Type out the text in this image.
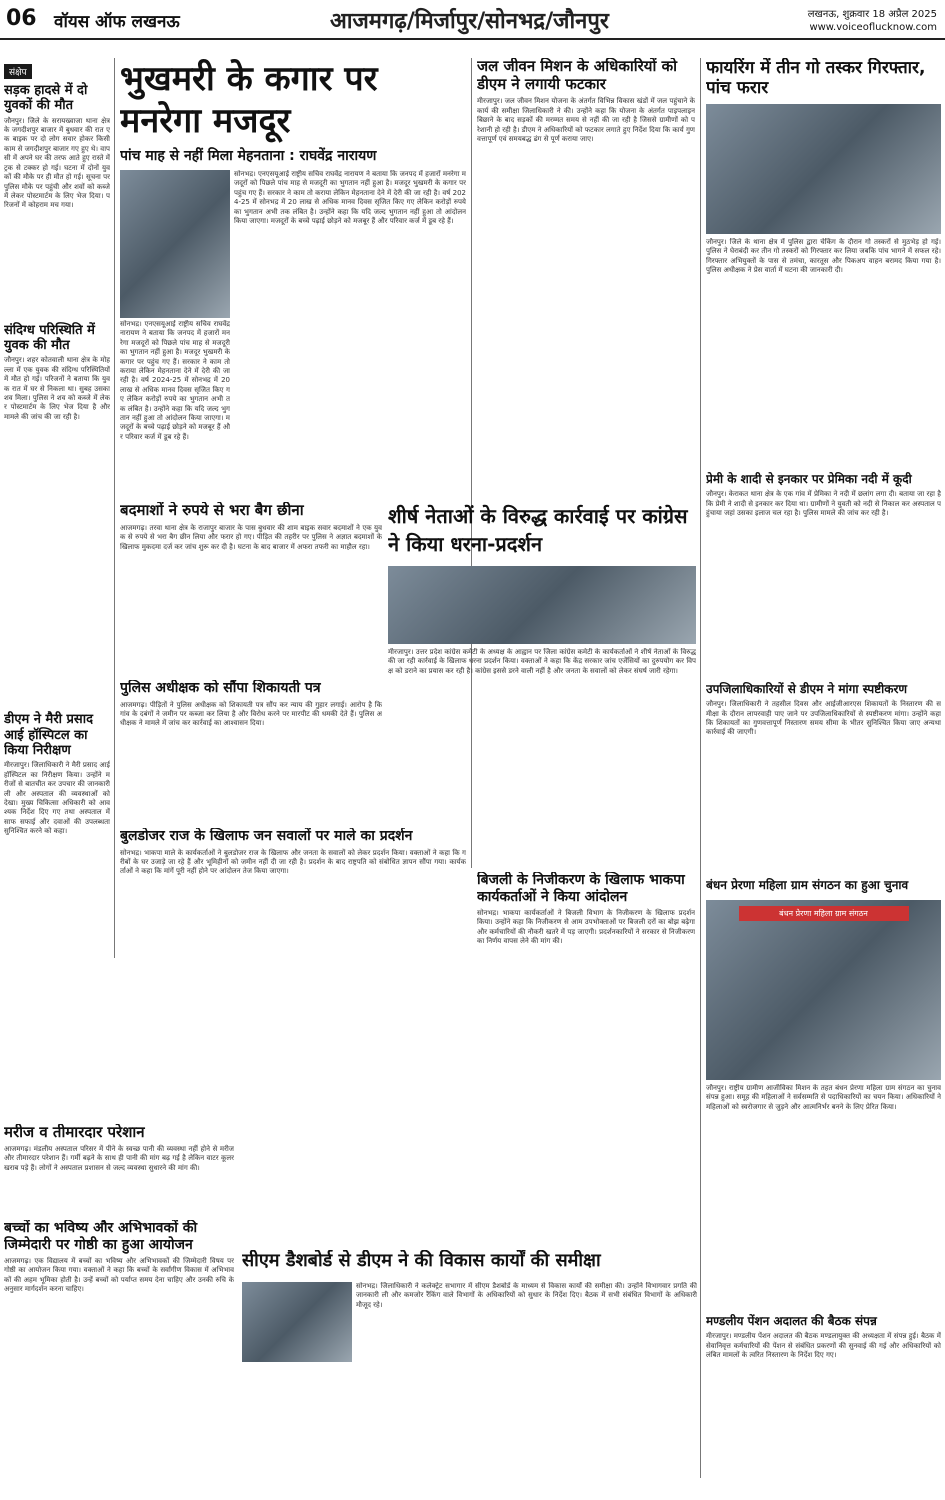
06 वॉयस ऑफ लखनऊ	आजमगढ़/मिर्जापुर/सोनभद्र/जौनपुर	लखनऊ, शुक्रवार 18 अप्रैल 2025
www.voiceoflucknow.com
संक्षेप
सड़क हादसे में दो युवकों की मौत
जौनपुर। जिले के सरायख्वाजा थाना क्षेत्र के जगदीशपुर बाजार में बुधवार की रात एक बाइक पर दो लोग सवार होकर किसी काम से जगदीशपुर बाजार गए हुए थे। वापसी में अपने घर की तरफ आते हुए रास्ते में ट्रक से टक्कर हो गई। घटना में दोनों युवकों की मौके पर ही मौत हो गई। सूचना पर पुलिस मौके पर पहुंची और शवों को कब्जे में लेकर पोस्टमार्टम के लिए भेज दिया। परिजनों में कोहराम मच गया।
संदिग्ध परिस्थिति में युवक की मौत
जौनपुर। शहर कोतवाली थाना क्षेत्र के मोहल्ला में एक युवक की संदिग्ध परिस्थितियों में मौत हो गई। परिजनों ने बताया कि युवक रात में घर से निकला था। सुबह उसका शव मिला। पुलिस ने शव को कब्जे में लेकर पोस्टमार्टम के लिए भेज दिया है और मामले की जांच की जा रही है।
डीएम ने मैरी प्रसाद आई हॉस्पिटल का किया निरीक्षण
मीरजापुर। जिलाधिकारी ने मैरी प्रसाद आई हॉस्पिटल का निरीक्षण किया। उन्होंने मरीजों से बातचीत कर उपचार की जानकारी ली और अस्पताल की व्यवस्थाओं को देखा। मुख्य चिकित्सा अधिकारी को आवश्यक निर्देश दिए गए तथा अस्पताल में साफ सफाई और दवाओं की उपलब्धता सुनिश्चित करने को कहा।
भुखमरी के कगार पर मनरेगा मजदूर
पांच माह से नहीं मिला मेहनताना : राघवेंद्र नारायण
सोनभद्र। एनएसयूआई राष्ट्रीय सचिव राघवेंद्र नारायण ने बताया कि जनपद में हजारों मनरेगा मजदूरों को पिछले पांच माह से मजदूरी का भुगतान नहीं हुआ है। मजदूर भुखमरी के कगार पर पहुंच गए हैं। सरकार ने काम तो कराया लेकिन मेहनताना देने में देरी की जा रही है। वर्ष 2024-25 में सोनभद्र में 20 लाख से अधिक मानव दिवस सृजित किए गए लेकिन करोड़ों रुपये का भुगतान अभी तक लंबित है। उन्होंने कहा कि यदि जल्द भुगतान नहीं हुआ तो आंदोलन किया जाएगा। मजदूरों के बच्चे पढ़ाई छोड़ने को मजबूर हैं और परिवार कर्ज में डूब रहे हैं।
सोनभद्र। एनएसयूआई राष्ट्रीय सचिव राघवेंद्र नारायण ने बताया कि जनपद में हजारों मनरेगा मजदूरों को पिछले पांच माह से मजदूरी का भुगतान नहीं हुआ है। मजदूर भुखमरी के कगार पर पहुंच गए हैं। सरकार ने काम तो कराया लेकिन मेहनताना देने में देरी की जा रही है। वर्ष 2024-25 में सोनभद्र में 20 लाख से अधिक मानव दिवस सृजित किए गए लेकिन करोड़ों रुपये का भुगतान अभी तक लंबित है। उन्होंने कहा कि यदि जल्द भुगतान नहीं हुआ तो आंदोलन किया जाएगा। मजदूरों के बच्चे पढ़ाई छोड़ने को मजबूर हैं और परिवार कर्ज में डूब रहे हैं।
बदमाशों ने रुपये से भरा बैग छीना
आजमगढ़। तरवा थाना क्षेत्र के राजापुर बाजार के पास बुधवार की शाम बाइक सवार बदमाशों ने एक युवक से रुपये से भरा बैग छीन लिया और फरार हो गए। पीड़ित की तहरीर पर पुलिस ने अज्ञात बदमाशों के खिलाफ मुकदमा दर्ज कर जांच शुरू कर दी है। घटना के बाद बाजार में अफरा तफरी का माहौल रहा।
पुलिस अधीक्षक को सौंपा शिकायती पत्र
आजमगढ़। पीड़ितों ने पुलिस अधीक्षक को शिकायती पत्र सौंप कर न्याय की गुहार लगाई। आरोप है कि गांव के दबंगों ने जमीन पर कब्जा कर लिया है और विरोध करने पर मारपीट की धमकी देते हैं। पुलिस अधीक्षक ने मामले में जांच कर कार्रवाई का आश्वासन दिया।
जल जीवन मिशन के अधिकारियों को डीएम ने लगायी फटकार
मीरजापुर। जल जीवन मिशन योजना के अंतर्गत विभिन्न विकास खंडों में जल पहुंचाने के कार्य की समीक्षा जिलाधिकारी ने की। उन्होंने कहा कि योजना के अंतर्गत पाइपलाइन बिछाने के बाद सड़कों की मरम्मत समय से नहीं की जा रही है जिससे ग्रामीणों को परेशानी हो रही है। डीएम ने अधिकारियों को फटकार लगाते हुए निर्देश दिया कि कार्य गुणवत्तापूर्ण एवं समयबद्ध ढंग से पूर्ण कराया जाए।
फायरिंग में तीन गो तस्कर गिरफ्तार, पांच फरार
जौनपुर। जिले के थाना क्षेत्र में पुलिस द्वारा चेकिंग के दौरान गो तस्करों से मुठभेड़ हो गई। पुलिस ने घेराबंदी कर तीन गो तस्करों को गिरफ्तार कर लिया जबकि पांच भागने में सफल रहे। गिरफ्तार अभियुक्तों के पास से तमंचा, कारतूस और पिकअप वाहन बरामद किया गया है। पुलिस अधीक्षक ने प्रेस वार्ता में घटना की जानकारी दी।
प्रेमी के शादी से इनकार पर प्रेमिका नदी में कूदी
जौनपुर। केराकत थाना क्षेत्र के एक गांव में प्रेमिका ने नदी में छलांग लगा दी। बताया जा रहा है कि प्रेमी ने शादी से इनकार कर दिया था। ग्रामीणों ने युवती को नदी से निकाल कर अस्पताल पहुंचाया जहां उसका इलाज चल रहा है। पुलिस मामले की जांच कर रही है।
शीर्ष नेताओं के विरुद्ध कार्रवाई पर कांग्रेस ने किया धरना-प्रदर्शन
मीरजापुर। उत्तर प्रदेश कांग्रेस कमेटी के अध्यक्ष के आह्वान पर जिला कांग्रेस कमेटी के कार्यकर्ताओं ने शीर्ष नेताओं के विरुद्ध की जा रही कार्रवाई के खिलाफ धरना प्रदर्शन किया। वक्ताओं ने कहा कि केंद्र सरकार जांच एजेंसियों का दुरुपयोग कर विपक्ष को डराने का प्रयास कर रही है। कांग्रेस इससे डरने वाली नहीं है और जनता के सवालों को लेकर संघर्ष जारी रहेगा।
उपजिलाधिकारियों से डीएम ने मांगा स्पष्टीकरण
जौनपुर। जिलाधिकारी ने तहसील दिवस और आईजीआरएस शिकायतों के निस्तारण की समीक्षा के दौरान लापरवाही पाए जाने पर उपजिलाधिकारियों से स्पष्टीकरण मांगा। उन्होंने कहा कि शिकायतों का गुणवत्तापूर्ण निस्तारण समय सीमा के भीतर सुनिश्चित किया जाए अन्यथा कार्रवाई की जाएगी।
बुलडोजर राज के खिलाफ जन सवालों पर माले का प्रदर्शन
सोनभद्र। भाकपा माले के कार्यकर्ताओं ने बुलडोजर राज के खिलाफ और जनता के सवालों को लेकर प्रदर्शन किया। वक्ताओं ने कहा कि गरीबों के घर उजाड़े जा रहे हैं और भूमिहीनों को जमीन नहीं दी जा रही है। प्रदर्शन के बाद राष्ट्रपति को संबोधित ज्ञापन सौंपा गया। कार्यकर्ताओं ने कहा कि मांगें पूरी नहीं होने पर आंदोलन तेज किया जाएगा।
बिजली के निजीकरण के खिलाफ भाकपा कार्यकर्ताओं ने किया आंदोलन
सोनभद्र। भाकपा कार्यकर्ताओं ने बिजली विभाग के निजीकरण के खिलाफ प्रदर्शन किया। उन्होंने कहा कि निजीकरण से आम उपभोक्ताओं पर बिजली दरों का बोझ बढ़ेगा और कर्मचारियों की नौकरी खतरे में पड़ जाएगी। प्रदर्शनकारियों ने सरकार से निजीकरण का निर्णय वापस लेने की मांग की।
बंधन प्रेरणा महिला ग्राम संगठन का हुआ चुनाव
बंधन प्रेरणा महिला ग्राम संगठन
जौनपुर। राष्ट्रीय ग्रामीण आजीविका मिशन के तहत बंधन प्रेरणा महिला ग्राम संगठन का चुनाव संपन्न हुआ। समूह की महिलाओं ने सर्वसम्मति से पदाधिकारियों का चयन किया। अधिकारियों ने महिलाओं को स्वरोजगार से जुड़ने और आत्मनिर्भर बनने के लिए प्रेरित किया।
मरीज व तीमारदार परेशान
आजमगढ़। मंडलीय अस्पताल परिसर में पीने के स्वच्छ पानी की व्यवस्था नहीं होने से मरीज और तीमारदार परेशान हैं। गर्मी बढ़ने के साथ ही पानी की मांग बढ़ गई है लेकिन वाटर कूलर खराब पड़े हैं। लोगों ने अस्पताल प्रशासन से जल्द व्यवस्था सुधारने की मांग की।
बच्चों का भविष्य और अभिभावकों की जिम्मेदारी पर गोष्ठी का हुआ आयोजन
आजमगढ़। एक विद्यालय में बच्चों का भविष्य और अभिभावकों की जिम्मेदारी विषय पर गोष्ठी का आयोजन किया गया। वक्ताओं ने कहा कि बच्चों के सर्वांगीण विकास में अभिभावकों की अहम भूमिका होती है। उन्हें बच्चों को पर्याप्त समय देना चाहिए और उनकी रुचि के अनुसार मार्गदर्शन करना चाहिए।
सीएम डैशबोर्ड से डीएम ने की विकास कार्यों की समीक्षा
सोनभद्र। जिलाधिकारी ने कलेक्ट्रेट सभागार में सीएम डैशबोर्ड के माध्यम से विकास कार्यों की समीक्षा की। उन्होंने विभागवार प्रगति की जानकारी ली और कमजोर रैंकिंग वाले विभागों के अधिकारियों को सुधार के निर्देश दिए। बैठक में सभी संबंधित विभागों के अधिकारी मौजूद रहे।
मण्डलीय पेंशन अदालत की बैठक संपन्न
मीरजापुर। मण्डलीय पेंशन अदालत की बैठक मण्डलायुक्त की अध्यक्षता में संपन्न हुई। बैठक में सेवानिवृत्त कर्मचारियों की पेंशन से संबंधित प्रकरणों की सुनवाई की गई और अधिकारियों को लंबित मामलों के त्वरित निस्तारण के निर्देश दिए गए।
